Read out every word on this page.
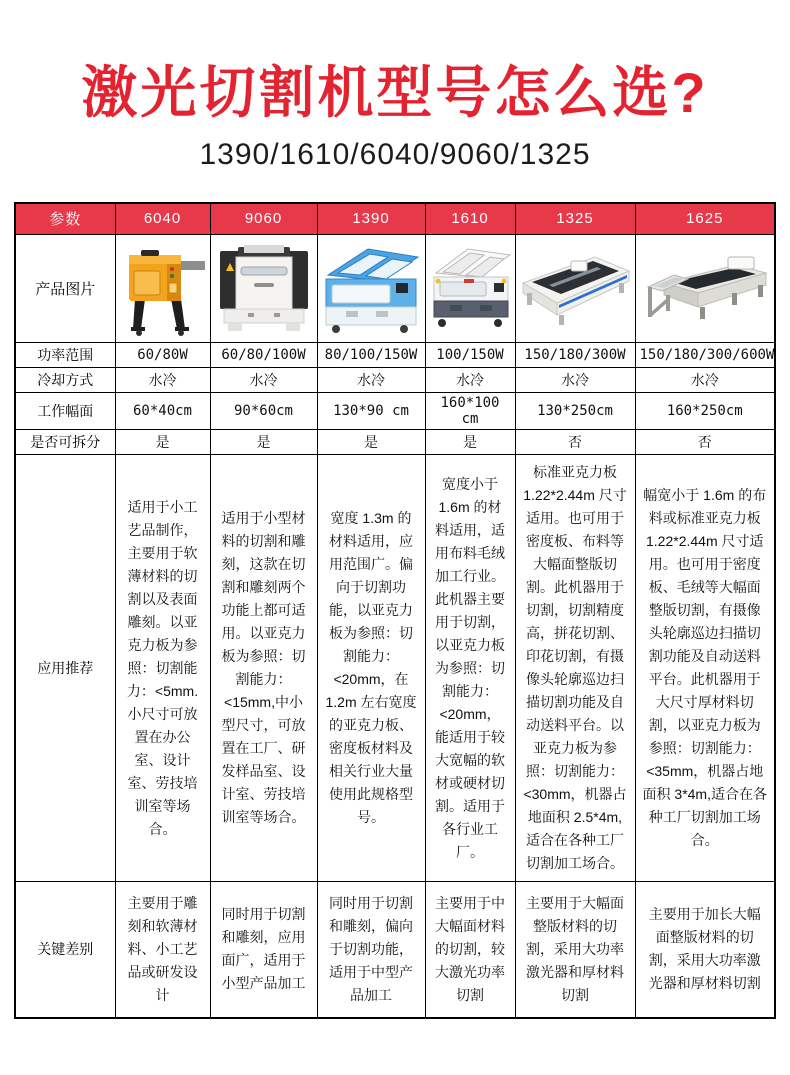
激光切割机型号怎么选?
1390/1610/6040/9060/1325
参数	6040	9060	1390	1610	1325	1625
产品图片	

功率范围	60/80W	60/80/100W	80/100/150W	100/150W	150/180/300W	150/180/300/600W
冷却方式	水冷	水冷	水冷	水冷	水冷	水冷
工作幅面	60*40cm	90*60cm	130*90 cm	160*100 cm	130*250cm	160*250cm
是否可拆分	是	是	是	是	否	否
应用推荐	适用于小工艺品制作，主要用于软薄材料的切割以及表面雕刻。以亚克力板为参照：切割能力：<5mm.小尺寸可放置在办公室、设计室、劳技培训室等场合。	适用于小型材料的切割和雕刻，这款在切割和雕刻两个功能上都可适用。以亚克力板为参照：切割能力：<15mm,中小型尺寸，可放置在工厂、研发样品室、设计室、劳技培训室等场合。	宽度 1.3m 的材料适用，应用范围广。偏向于切割功能，以亚克力板为参照：切割能力：<20mm，在 1.2m 左右宽度的亚克力板、密度板材料及相关行业大量使用此规格型号。	宽度小于 1.6m 的材料适用，适用布料毛绒加工行业。此机器主要用于切割，以亚克力板为参照：切割能力：<20mm，能适用于较大宽幅的软材或硬材切割。适用于各行业工厂。	标准亚克力板 1.22*2.44m 尺寸适用。也可用于密度板、布料等大幅面整版切割。此机器用于切割，切割精度高，拼花切割、印花切割，有摄像头轮廓巡边扫描切割功能及自动送料平台。以亚克力板为参照：切割能力：<30mm，机器占地面积 2.5*4m,适合在各种工厂切割加工场合。	幅宽小于 1.6m 的布料或标准亚克力板 1.22*2.44m 尺寸适用。也可用于密度板、毛绒等大幅面整版切割，有摄像头轮廓巡边扫描切割功能及自动送料平台。此机器用于大尺寸厚材料切割，以亚克力板为参照：切割能力：<35mm，机器占地面积 3*4m,适合在各种工厂切割加工场合。
关键差别	主要用于雕刻和软薄材料、小工艺品或研发设计	同时用于切割和雕刻，应用面广，适用于小型产品加工	同时用于切割和雕刻，偏向于切割功能，适用于中型产品加工	主要用于中大幅面材料的切割，较大激光功率切割	主要用于大幅面整版材料的切割，采用大功率激光器和厚材料切割	主要用于加长大幅面整版材料的切割，采用大功率激光器和厚材料切割
